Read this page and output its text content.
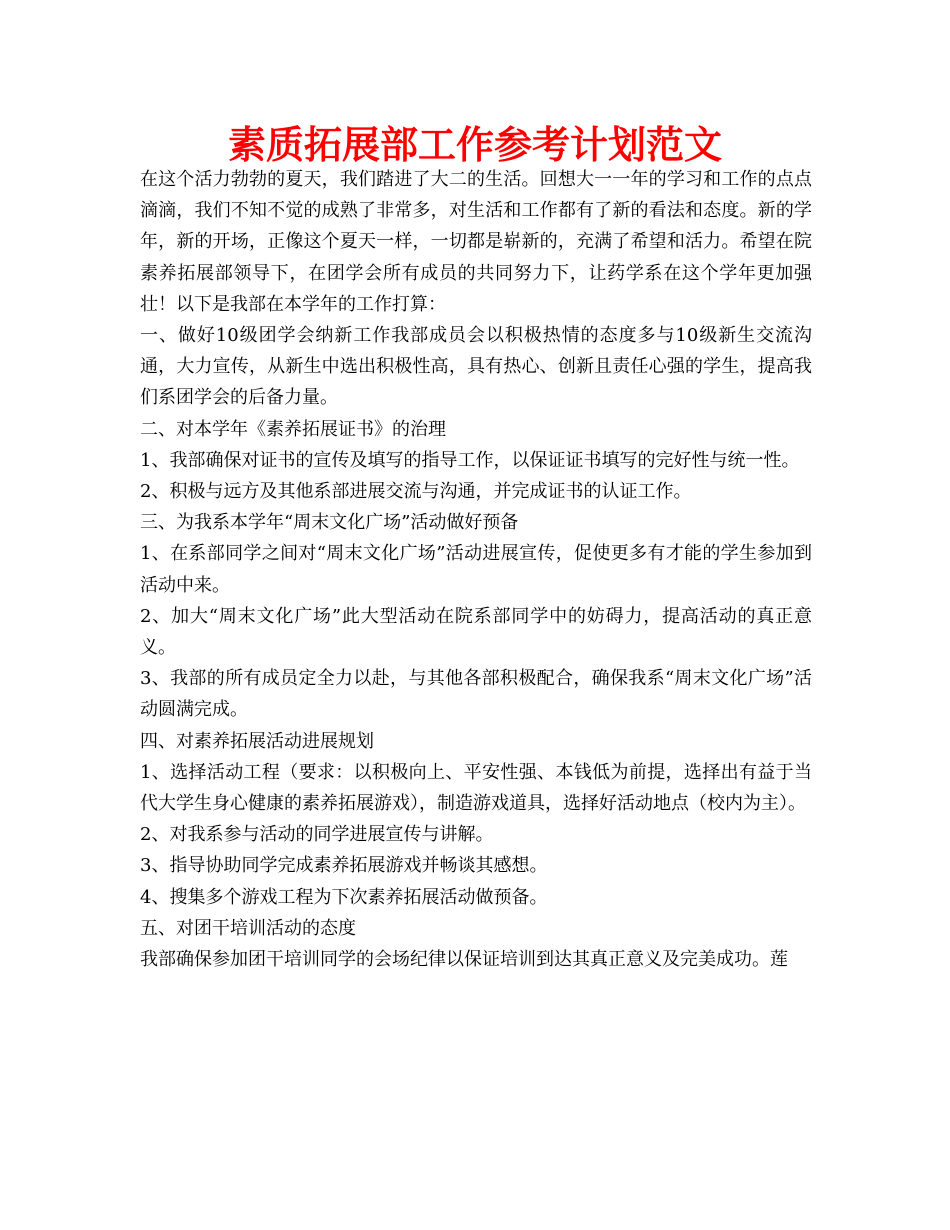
素质拓展部工作参考计划范文

在这个活力勃勃的夏天，我们踏进了大二的生活。回想大一一年的学习和工作的点点滴滴，我们不知不觉的成熟了非常多，对生活和工作都有了新的看法和态度。新的学年，新的开场，正像这个夏天一样，一切都是崭新的，充满了希望和活力。希望在院素养拓展部领导下，在团学会所有成员的共同努力下，让药学系在这个学年更加强壮！以下是我部在本学年的工作打算：

一、做好10级团学会纳新工作我部成员会以积极热情的态度多与10级新生交流沟通，大力宣传，从新生中选出积极性高，具有热心、创新且责任心强的学生，提高我们系团学会的后备力量。

二、对本学年《素养拓展证书》的治理

1、我部确保对证书的宣传及填写的指导工作，以保证证书填写的完好性与统一性。

2、积极与远方及其他系部进展交流与沟通，并完成证书的认证工作。

三、为我系本学年“周末文化广场”活动做好预备

1、在系部同学之间对“周末文化广场”活动进展宣传，促使更多有才能的学生参加到活动中来。

2、加大“周末文化广场”此大型活动在院系部同学中的妨碍力，提高活动的真正意义。

3、我部的所有成员定全力以赴，与其他各部积极配合，确保我系“周末文化广场”活动圆满完成。

四、对素养拓展活动进展规划

1、选择活动工程（要求：以积极向上、平安性强、本钱低为前提，选择出有益于当代大学生身心健康的素养拓展游戏），制造游戏道具，选择好活动地点（校内为主）。

2、对我系参与活动的同学进展宣传与讲解。

3、指导协助同学完成素养拓展游戏并畅谈其感想。

4、搜集多个游戏工程为下次素养拓展活动做预备。

五、对团干培训活动的态度

我部确保参加团干培训同学的会场纪律以保证培训到达其真正意义及完美成功。莲
